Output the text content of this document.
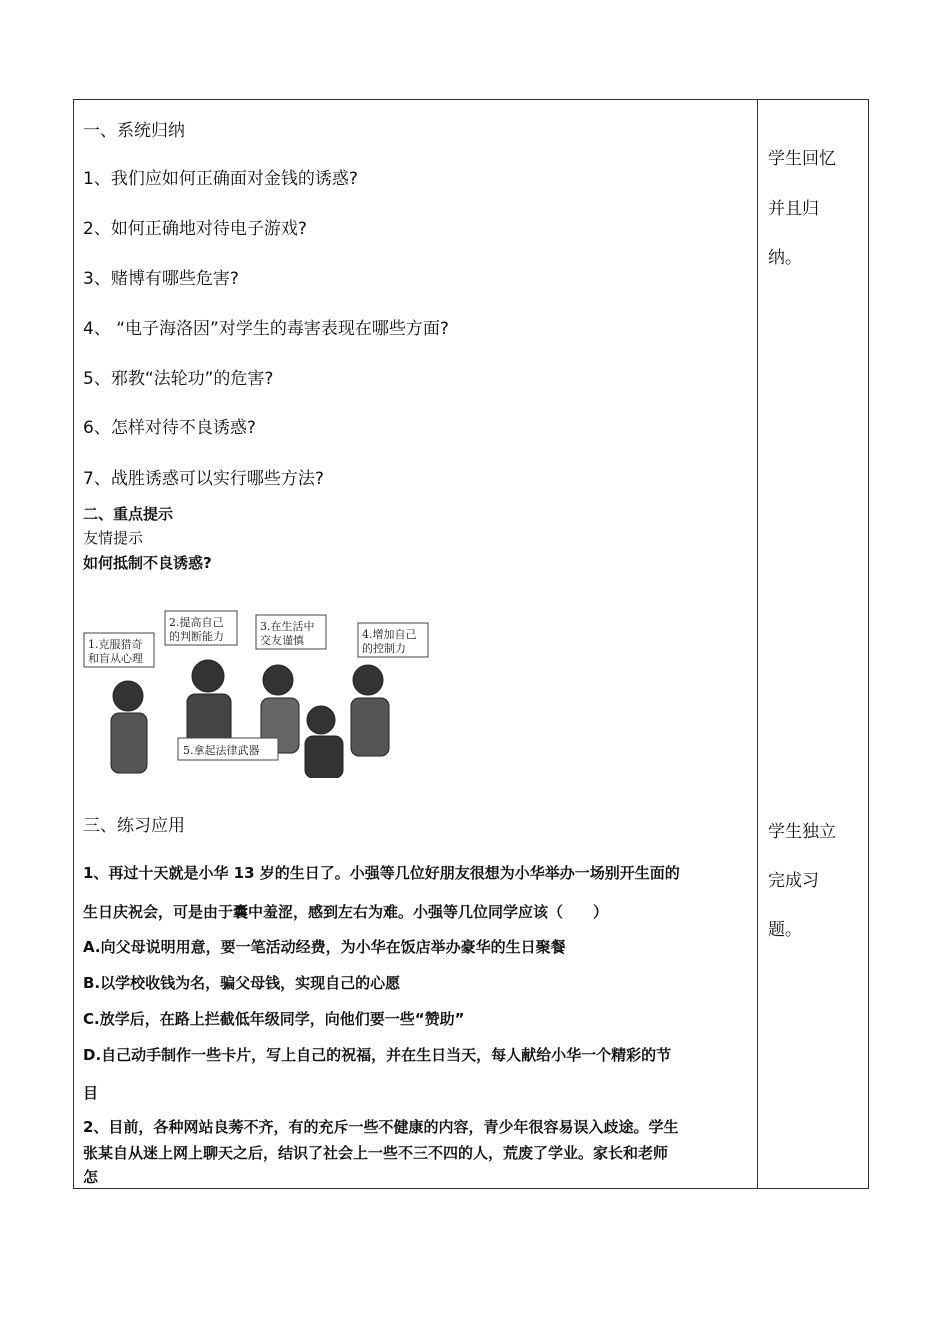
一、系统归纳
1、我们应如何正确面对金钱的诱惑?
2、如何正确地对待电子游戏?
3、赌博有哪些危害?
4、 “电子海洛因”对学生的毒害表现在哪些方面?
5、邪教“法轮功”的危害?
6、怎样对待不良诱惑?
7、战胜诱惑可以实行哪些方法?
二、重点提示
友情提示
如何抵制不良诱惑?
1.克服猎奇
和盲从心理
2.提高自己
的判断能力
3.在生活中
交友谨慎	4.增加自己
的控制力
5.拿起法律武器
三、练习应用
1、再过十天就是小华 13 岁的生日了。小强等几位好朋友很想为小华举办一场别开生面的
生日庆祝会，可是由于囊中羞涩，感到左右为难。小强等几位同学应该（　　）
A.向父母说明用意，要一笔活动经费，为小华在饭店举办豪华的生日聚餐
B.以学校收钱为名，骗父母钱，实现自己的心愿
C.放学后，在路上拦截低年级同学，向他们要一些“赞助”
D.自己动手制作一些卡片，写上自己的祝福，并在生日当天，每人献给小华一个精彩的节
目
2、目前，各种网站良莠不齐，有的充斥一些不健康的内容，青少年很容易误入歧途。学生
张某自从迷上网上聊天之后，结识了社会上一些不三不四的人，荒废了学业。家长和老师
怎

学生回忆
并且归
纳。
学生独立
完成习
题。
